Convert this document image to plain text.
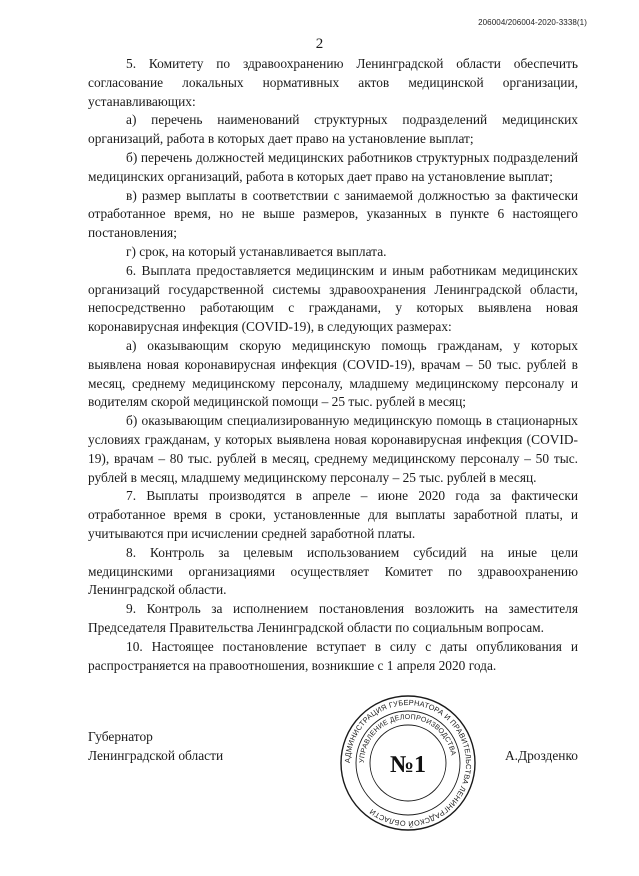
206004/206004-2020-3338(1)
2

5. Комитету по здравоохранению Ленинградской области обеспечить согласование локальных нормативных актов медицинской организации, устанавливающих:

а) перечень наименований структурных подразделений медицинских организаций, работа в которых дает право на установление выплат;

б) перечень должностей медицинских работников структурных подразделений медицинских организаций, работа в которых дает право на установление выплат;

в) размер выплаты в соответствии с занимаемой должностью за фактически отработанное время, но не выше размеров, указанных в пункте 6 настоящего постановления;

г) срок, на который устанавливается выплата.

6. Выплата предоставляется медицинским и иным работникам медицинских организаций государственной системы здравоохранения Ленинградской области, непосредственно работающим с гражданами, у которых выявлена новая коронавирусная инфекция (COVID-19), в следующих размерах:

а) оказывающим скорую медицинскую помощь гражданам, у которых выявлена новая коронавирусная инфекция (COVID-19), врачам – 50 тыс. рублей в месяц, среднему медицинскому персоналу, младшему медицинскому персоналу и водителям скорой медицинской помощи – 25 тыс. рублей в месяц;

б) оказывающим специализированную медицинскую помощь в стационарных условиях гражданам, у которых выявлена новая коронавирусная инфекция (COVID-19), врачам – 80 тыс. рублей в месяц, среднему медицинскому персоналу – 50 тыс. рублей в месяц, младшему медицинскому персоналу – 25 тыс. рублей в месяц.

7. Выплаты производятся в апреле – июне 2020 года за фактически отработанное время в сроки, установленные для выплаты заработной платы, и учитываются при исчислении средней заработной платы.

8. Контроль за целевым использованием субсидий на иные цели медицинскими организациями осуществляет Комитет по здравоохранению Ленинградской области.

9. Контроль за исполнением постановления возложить на заместителя Председателя Правительства Ленинградской области по социальным вопросам.

10. Настоящее постановление вступает в силу с даты опубликования и распространяется на правоотношения, возникшие с 1 апреля 2020 года.

Губернатор
Ленинградской области	А.Дрозденко
АДМИНИСТРАЦИЯ ГУБЕРНАТОРА И ПРАВИТЕЛЬСТВА ЛЕНИНГРАДСКОЙ ОБЛАСТИ
УПРАВЛЕНИЕ ДЕЛОПРОИЗВОДСТВА
№1
